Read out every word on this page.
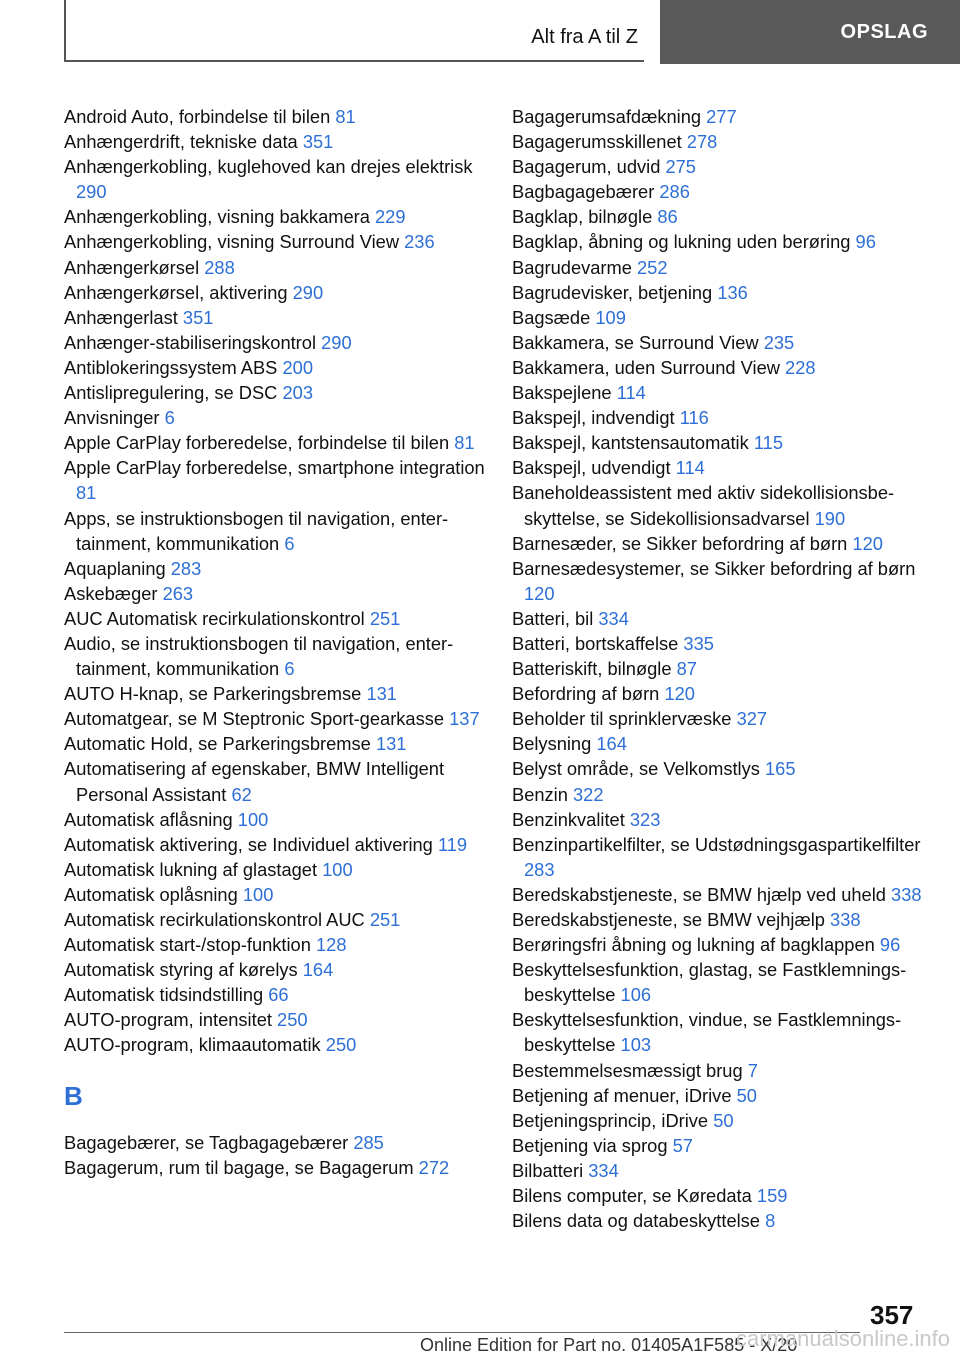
Alt fra A til Z	OPSLAG
Android Auto, forbindelse til bilen 81
Anhængerdrift, tekniske data 351
Anhængerkobling, kuglehoved kan drejes elektrisk 290
Anhængerkobling, visning bakkamera 229
Anhængerkobling, visning Surround View 236
Anhængerkørsel 288
Anhængerkørsel, aktivering 290
Anhængerlast 351
Anhænger-stabiliseringskontrol 290
Antiblokeringssystem ABS 200
Antislipregulering, se DSC 203
Anvisninger 6
Apple CarPlay forberedelse, forbindelse til bilen 81
Apple CarPlay forberedelse, smartphone integration 81
Apps, se instruktionsbogen til navigation, entertainment, kommunikation 6
Aquaplaning 283
Askebæger 263
AUC Automatisk recirkulationskontrol 251
Audio, se instruktionsbogen til navigation, entertainment, kommunikation 6
AUTO H-knap, se Parkeringsbremse 131
Automatgear, se M Steptronic Sport-gearkasse 137
Automatic Hold, se Parkeringsbremse 131
Automatisering af egenskaber, BMW Intelligent Personal Assistant 62
Automatisk aflåsning 100
Automatisk aktivering, se Individuel aktivering 119
Automatisk lukning af glastaget 100
Automatisk oplåsning 100
Automatisk recirkulationskontrol AUC 251
Automatisk start-/stop-funktion 128
Automatisk styring af kørelys 164
Automatisk tidsindstilling 66
AUTO-program, intensitet 250
AUTO-program, klimaautomatik 250
B
Bagagebærer, se Tagbagagebærer 285
Bagagerum, rum til bagage, se Bagagerum 272
Bagagerumsafdækning 277
Bagagerumsskillenet 278
Bagagerum, udvid 275
Bagbagagebærer 286
Bagklap, bilnøgle 86
Bagklap, åbning og lukning uden berøring 96
Bagrudevarme 252
Bagrudevisker, betjening 136
Bagsæde 109
Bakkamera, se Surround View 235
Bakkamera, uden Surround View 228
Bakspejlene 114
Bakspejl, indvendigt 116
Bakspejl, kantstensautomatik 115
Bakspejl, udvendigt 114
Baneholdeassistent med aktiv sidekollisionsbeskyttelse, se Sidekollisionsadvarsel 190
Barnesæder, se Sikker befordring af børn 120
Barnesædesystemer, se Sikker befordring af børn 120
Batteri, bil 334
Batteri, bortskaffelse 335
Batteriskift, bilnøgle 87
Befordring af børn 120
Beholder til sprinklervæske 327
Belysning 164
Belyst område, se Velkomstlys 165
Benzin 322
Benzinkvalitet 323
Benzinpartikelfilter, se Udstødningsgaspartikelfilter 283
Beredskabstjeneste, se BMW hjælp ved uheld 338
Beredskabstjeneste, se BMW vejhjælp 338
Berøringsfri åbning og lukning af bagklappen 96
Beskyttelsesfunktion, glastag, se Fastklemningsbeskyttelse 106
Beskyttelsesfunktion, vindue, se Fastklemningsbeskyttelse 103
Bestemmelsesmæssigt brug 7
Betjening af menuer, iDrive 50
Betjeningsprincip, iDrive 50
Betjening via sprog 57
Bilbatteri 334
Bilens computer, se Køredata 159
Bilens data og databeskyttelse 8
357
Online Edition for Part no. 01405A1F585 - X/20
carmanualsonline.info
